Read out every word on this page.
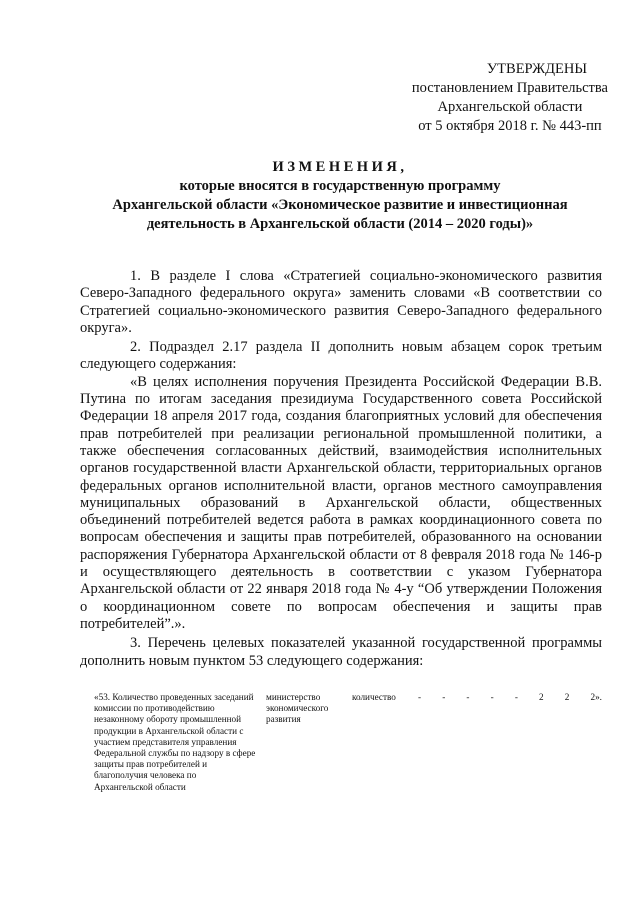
УТВЕРЖДЕНЫ
постановлением Правительства
Архангельской области
от 5 октября 2018 г. № 443-пп
ИЗМЕНЕНИЯ,
которые вносятся в государственную программу
Архангельской области «Экономическое развитие и инвестиционная
деятельность в Архангельской области (2014 – 2020 годы)»

1. В разделе I слова «Стратегией социально-экономического развития Северо-Западного федерального округа» заменить словами «В соответствии со Стратегией социально-экономического развития Северо-Западного федерального округа».

2. Подраздел 2.17 раздела II дополнить новым абзацем сорок третьим следующего содержания:

«В целях исполнения поручения Президента Российской Федерации В.В. Путина по итогам заседания президиума Государственного совета Российской Федерации 18 апреля 2017 года, создания благоприятных условий для обеспечения прав потребителей при реализации региональной промышленной политики, а также обеспечения согласованных действий, взаимодействия исполнительных органов государственной власти Архангельской области, территориальных органов федеральных органов исполнительной власти, органов местного самоуправления муниципальных образований в Архангельской области, общественных объединений потребителей ведется работа в рамках координационного совета по вопросам обеспечения и защиты прав потребителей, образованного на основании распоряжения Губернатора Архангельской области от 8 февраля 2018 года № 146-р и осуществляющего деятельность в соответствии с указом Губернатора Архангельской области от 22 января 2018 года № 4-у “Об утверждении Положения о координационном совете по вопросам обеспечения и защиты прав потребителей”.».

3. Перечень целевых показателей указанной государственной программы дополнить новым пунктом 53 следующего содержания:

«53. Количество проведенных заседаний комиссии по противодействию незаконному обороту промышленной продукции в Архангельской области с участием представителя управления Федеральной службы по надзору в сфере защиты прав потребителей и благополучия человека по Архангельской области
министерство экономического развития
количество	- - - - - 2 2 2».
